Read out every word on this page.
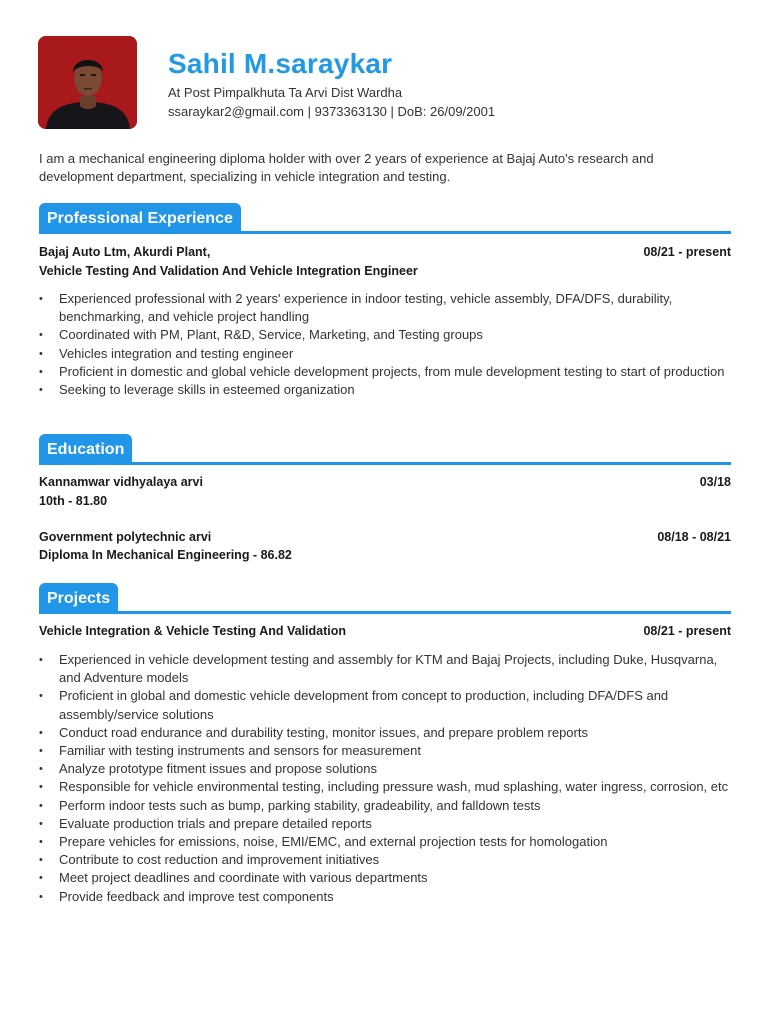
Sahil M.saraykar
At Post Pimpalkhuta Ta Arvi Dist Wardha
ssaraykar2@gmail.com | 9373363130 | DoB: 26/09/2001
I am a mechanical engineering diploma holder with over 2 years of experience at Bajaj Auto's research and development department, specializing in vehicle integration and testing.
Professional Experience
Bajaj Auto Ltm, Akurdi Plant,	08/21 - present
Vehicle Testing And Validation And Vehicle Integration Engineer
• Experienced professional with 2 years' experience in indoor testing, vehicle assembly, DFA/DFS, durability, benchmarking, and vehicle project handling
• Coordinated with PM, Plant, R&D, Service, Marketing, and Testing groups
• Vehicles integration and testing engineer
• Proficient in domestic and global vehicle development projects, from mule development testing to start of production
• Seeking to leverage skills in esteemed organization
Education
Kannamwar vidhyalaya arvi	03/18
10th - 81.80
Government polytechnic arvi	08/18 - 08/21
Diploma In Mechanical Engineering - 86.82
Projects
Vehicle Integration & Vehicle Testing And Validation	08/21 - present
• Experienced in vehicle development testing and assembly for KTM and Bajaj Projects, including Duke, Husqvarna, and Adventure models
• Proficient in global and domestic vehicle development from concept to production, including DFA/DFS and assembly/service solutions
• Conduct road endurance and durability testing, monitor issues, and prepare problem reports
• Familiar with testing instruments and sensors for measurement
• Analyze prototype fitment issues and propose solutions
• Responsible for vehicle environmental testing, including pressure wash, mud splashing, water ingress, corrosion, etc
• Perform indoor tests such as bump, parking stability, gradeability, and falldown tests
• Evaluate production trials and prepare detailed reports
• Prepare vehicles for emissions, noise, EMI/EMC, and external projection tests for homologation
• Contribute to cost reduction and improvement initiatives
• Meet project deadlines and coordinate with various departments
• Provide feedback and improve test components
